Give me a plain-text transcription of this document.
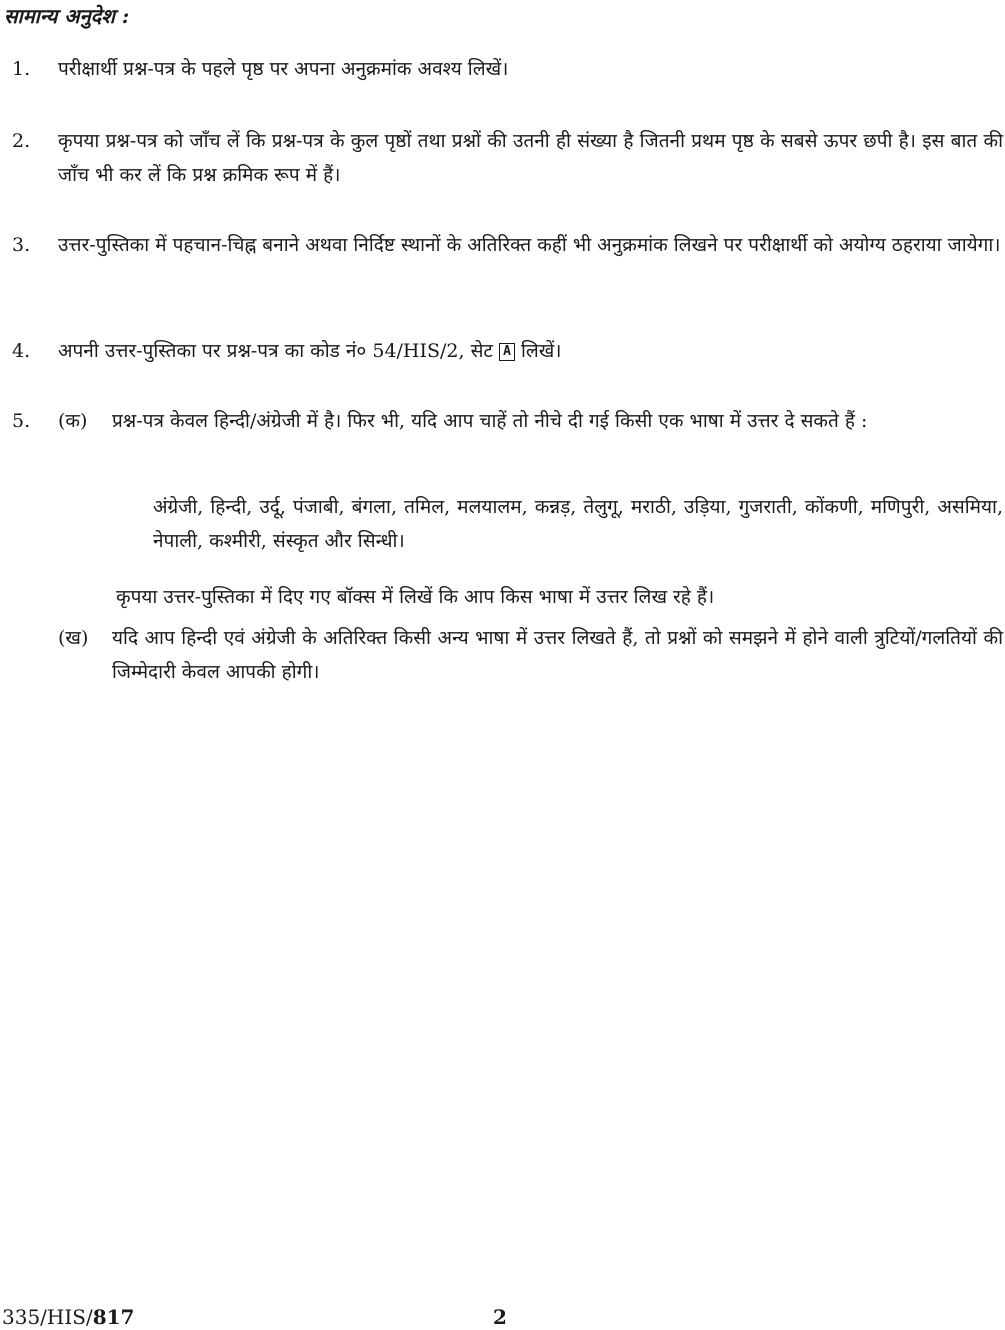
सामान्य अनुदेश :
1. परीक्षार्थी प्रश्न-पत्र के पहले पृष्ठ पर अपना अनुक्रमांक अवश्य लिखें।
2. कृपया प्रश्न-पत्र को जाँच लें कि प्रश्न-पत्र के कुल पृष्ठों तथा प्रश्नों की उतनी ही संख्या है जितनी प्रथम पृष्ठ के सबसे ऊपर छपी है। इस बात की जाँच भी कर लें कि प्रश्न क्रमिक रूप में हैं।
3. उत्तर-पुस्तिका में पहचान-चिह्न बनाने अथवा निर्दिष्ट स्थानों के अतिरिक्त कहीं भी अनुक्रमांक लिखने पर परीक्षार्थी को अयोग्य ठहराया जायेगा।
4. अपनी उत्तर-पुस्तिका पर प्रश्न-पत्र का कोड नं० 54/HIS/2, सेट A लिखें।
5. (क) प्रश्न-पत्र केवल हिन्दी/अंग्रेजी में है। फिर भी, यदि आप चाहें तो नीचे दी गई किसी एक भाषा में उत्तर दे सकते हैं :
अंग्रेजी, हिन्दी, उर्दू, पंजाबी, बंगला, तमिल, मलयालम, कन्नड़, तेलुगू, मराठी, उड़िया, गुजराती, कोंकणी, मणिपुरी, असमिया, नेपाली, कश्मीरी, संस्कृत और सिन्धी।
कृपया उत्तर-पुस्तिका में दिए गए बॉक्स में लिखें कि आप किस भाषा में उत्तर लिख रहे हैं।
(ख) यदि आप हिन्दी एवं अंग्रेजी के अतिरिक्त किसी अन्य भाषा में उत्तर लिखते हैं, तो प्रश्नों को समझने में होने वाली त्रुटियों/गलतियों की जिम्मेदारी केवल आपकी होगी।
335/HIS/817	2
